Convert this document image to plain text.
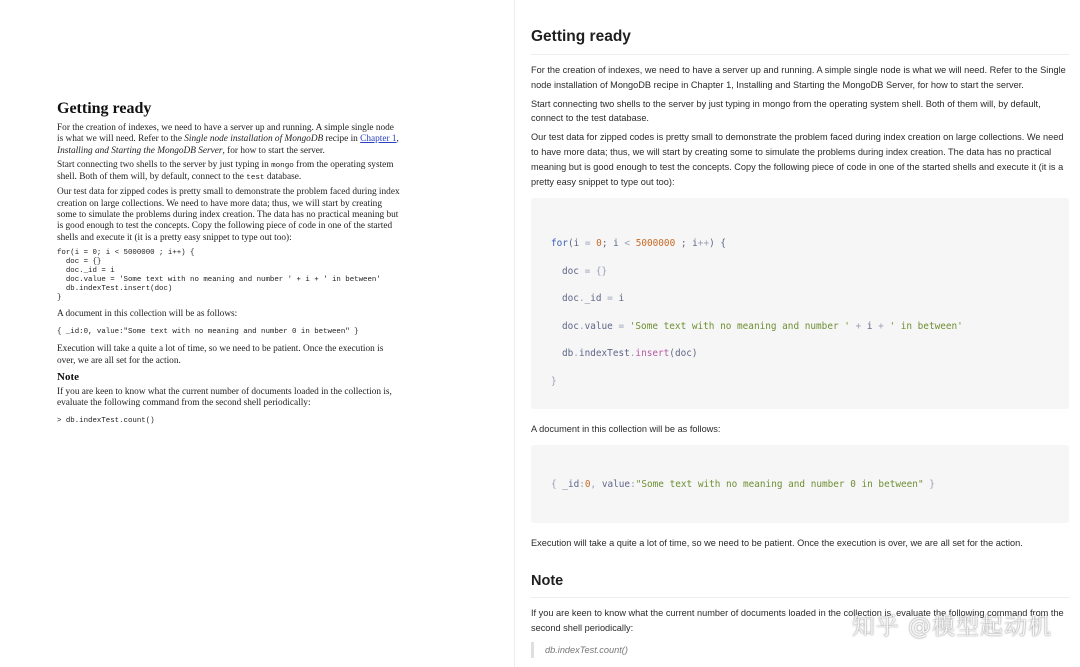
Getting ready

For the creation of indexes, we need to have a server up and running. A simple single node is what we will need. Refer to the Single node installation of MongoDB recipe in Chapter 1, Installing and Starting the MongoDB Server, for how to start the server.

Start connecting two shells to the server by just typing in mongo from the operating system shell. Both of them will, by default, connect to the test database.

Our test data for zipped codes is pretty small to demonstrate the problem faced during index creation on large collections. We need to have more data; thus, we will start by creating some to simulate the problems during index creation. The data has no practical meaning but is good enough to test the concepts. Copy the following piece of code in one of the started shells and execute it (it is a pretty easy snippet to type out too):

for(i = 0; i < 5000000 ; i++) {
doc = {}
doc._id = i
doc.value = 'Some text with no meaning and number ' + i + ' in between'
db.indexTest.insert(doc)
}

A document in this collection will be as follows:

{ _id:0, value:"Some text with no meaning and number 0 in between" }

Execution will take a quite a lot of time, so we need to be patient. Once the execution is over, we are all set for the action.

Note

If you are keen to know what the current number of documents loaded in the collection is, evaluate the following command from the second shell periodically:

> db.indexTest.count()
Getting ready

For the creation of indexes, we need to have a server up and running. A simple single node is what we will need. Refer to the Single node installation of MongoDB recipe in Chapter 1, Installing and Starting the MongoDB Server, for how to start the server.

Start connecting two shells to the server by just typing in mongo from the operating system shell. Both of them will, by default, connect to the test database.

Our test data for zipped codes is pretty small to demonstrate the problem faced during index creation on large collections. We need to have more data; thus, we will start by creating some to simulate the problems during index creation. The data has no practical meaning but is good enough to test the concepts. Copy the following piece of code in one of the started shells and execute it (it is a pretty easy snippet to type out too):

for(i = 0; i < 5000000 ; i++) {
doc = {}
doc._id = i
doc.value = 'Some text with no meaning and number ' + i + ' in between'
db.indexTest.insert(doc)
}

A document in this collection will be as follows:

{ _id : 0 , value : "Some text with no meaning and number 0 in between" }

Execution will take a quite a lot of time, so we need to be patient. Once the execution is over, we are all set for the action.

Note

If you are keen to know what the current number of documents loaded in the collection is, evaluate the following command from the second shell periodically:

db.indexTest.count()
知乎 @模型起动机
